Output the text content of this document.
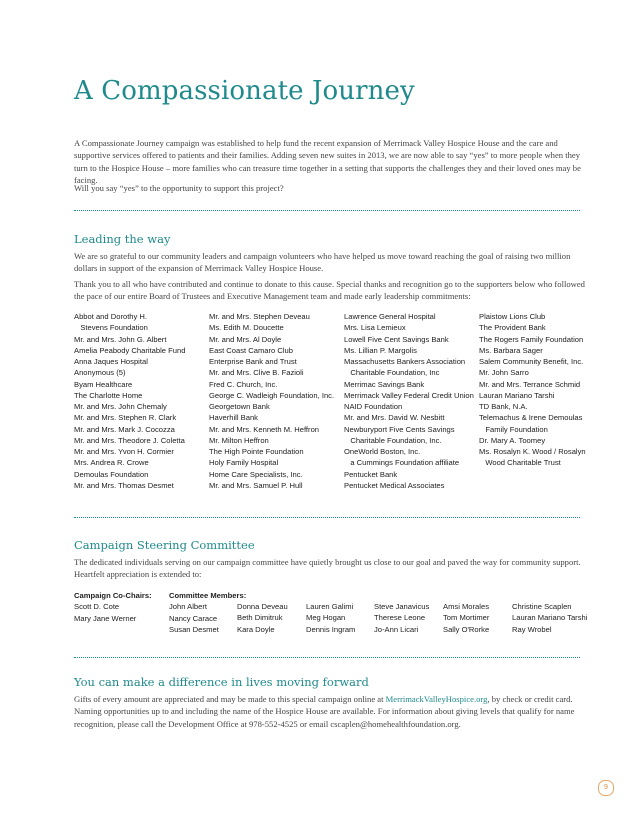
A Compassionate Journey

A Compassionate Journey campaign was established to help fund the recent expansion of Merrimack Valley Hospice House and the care and supportive services offered to patients and their families. Adding seven new suites in 2013, we are now able to say “yes” to more people when they turn to the Hospice House – more families who can treasure time together in a setting that supports the challenges they and their loved ones may be facing.

Will you say “yes” to the opportunity to support this project?

Leading the way

We are so grateful to our community leaders and campaign volunteers who have helped us move toward reaching the goal of raising two million dollars in support of the expansion of Merrimack Valley Hospice House.

Thank you to all who have contributed and continue to donate to this cause. Special thanks and recognition go to the supporters below who followed the pace of our entire Board of Trustees and Executive Management team and made early leadership commitments:

Abbot and Dorothy H.
Stevens Foundation
Mr. and Mrs. John G. Albert
Amelia Peabody Charitable Fund
Anna Jaques Hospital
Anonymous (5)
Byam Healthcare
The Charlotte Home
Mr. and Mrs. John Chemaly
Mr. and Mrs. Stephen R. Clark
Mr. and Mrs. Mark J. Cocozza
Mr. and Mrs. Theodore J. Coletta
Mr. and Mrs. Yvon H. Cormier
Mrs. Andrea R. Crowe
Demoulas Foundation
Mr. and Mrs. Thomas Desmet
Mr. and Mrs. Stephen Deveau
Ms. Edith M. Doucette
Mr. and Mrs. Al Doyle
East Coast Camaro Club
Enterprise Bank and Trust
Mr. and Mrs. Clive B. Fazioli
Fred C. Church, Inc.
George C. Wadleigh Foundation, Inc.
Georgetown Bank
Haverhill Bank
Mr. and Mrs. Kenneth M. Heffron
Mr. Milton Heffron
The High Pointe Foundation
Holy Family Hospital
Home Care Specialists, Inc.
Mr. and Mrs. Samuel P. Hull
Lawrence General Hospital
Mrs. Lisa Lemieux
Lowell Five Cent Savings Bank
Ms. Lillian P. Margolis
Massachusetts Bankers Association
Charitable Foundation, Inc
Merrimac Savings Bank
Merrimack Valley Federal Credit Union
NAID Foundation
Mr. and Mrs. David W. Nesbitt
Newburyport Five Cents Savings
Charitable Foundation, Inc.
OneWorld Boston, Inc.
a Cummings Foundation affiliate
Pentucket Bank
Pentucket Medical Associates
Plaistow Lions Club
The Provident Bank
The Rogers Family Foundation
Ms. Barbara Sager
Salem Community Benefit, Inc.
Mr. John Sarro
Mr. and Mrs. Terrance Schmid
Lauran Mariano Tarshi
TD Bank, N.A.
Telemachus & Irene Demoulas
Family Foundation
Dr. Mary A. Toomey
Ms. Rosalyn K. Wood / Rosalyn
Wood Charitable Trust
Campaign Steering Committee

The dedicated individuals serving on our campaign committee have quietly brought us close to our goal and paved the way for community support. Heartfelt appreciation is extended to:

Campaign Co-Chairs:
Scott D. Cote
Mary Jane Werner
Committee Members:
John Albert
Nancy Carace
Susan Desmet
Donna Deveau
Beth Dimitruk
Kara Doyle
Lauren Galimi
Meg Hogan
Dennis Ingram
Steve Janavicus
Therese Leone
Jo-Ann Licari
Amsi Morales
Tom Mortimer
Sally O'Rorke
Christine Scaplen
Lauran Mariano Tarshi
Ray Wrobel
You can make a difference in lives moving forward

Gifts of every amount are appreciated and may be made to this special campaign online at MerrimackValleyHospice.org, by check or credit card. Naming opportunities up to and including the name of the Hospice House are available. For information about giving levels that qualify for name recognition, please call the Development Office at 978-552-4525 or email cscaplen@homehealthfoundation.org.

9
